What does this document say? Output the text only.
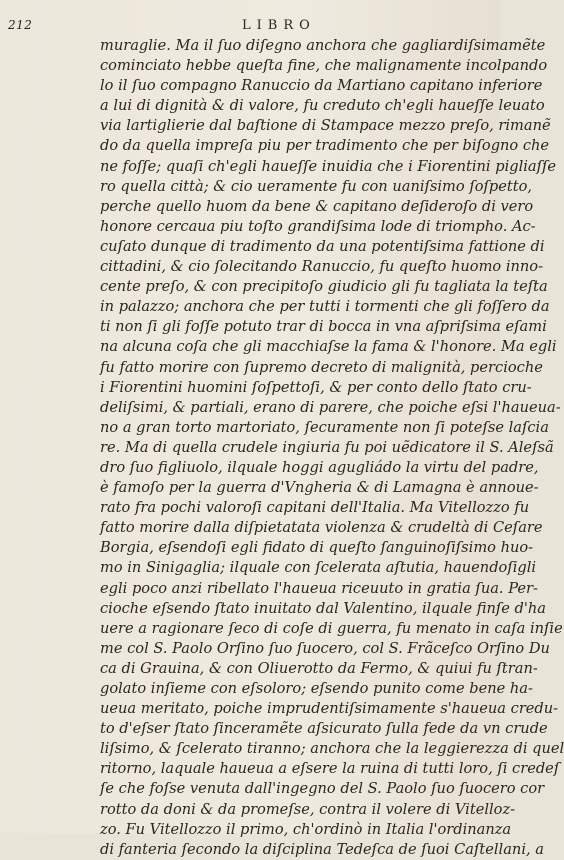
212	LIBRO
muraglie. Ma il ſuo diſegno anchora che gagliardiſsimamẽte
cominciato hebbe queſta fine, che malignamente incolpando
lo il ſuo compagno Ranuccio da Martiano capitano inferiore
a lui di dignità & di valore, fu creduto ch'egli haueſſe leuato
via lartiglierie dal baſtione di Stampace mezzo preſo, rimanẽ
do da quella impreſa piu per tradimento che per biſogno che
ne foſſe; quaſi ch'egli haueſſe inuidia che i Fiorentini pigliaſſe
ro quella città; & cio ueramente fu con uaniſsimo ſoſpetto,
perche quello huom da bene & capitano deſideroſo di vero
honore cercaua piu toſto grandiſsima lode di triompho. Ac-
cuſato dunque di tradimento da una potentiſsima fattione di
cittadini, & cio ſolecitando Ranuccio, fu queſto huomo inno-
cente preſo, & con precipitoſo giudicio gli fu tagliata la teſta
in palazzo; anchora che per tutti i tormenti che gli foſſero da
ti non ſi gli foſſe potuto trar di bocca in vna aſpriſsima eſami
na alcuna coſa che gli macchiaſse la fama & l'honore. Ma egli
fu fatto morire con ſupremo decreto di malignità, percioche
i Fiorentini huomini ſoſpettoſi, & per conto dello ſtato cru-
deliſsimi, & partiali, erano di parere, che poiche eſsi l'haueua-
no a gran torto martoriato, ſecuramente non ſi poteſse laſcia
re. Ma di quella crudele ingiuria fu poi uẽdicatore il S. Aleſsã
dro ſuo figliuolo, ilquale hoggi agugliádo la virtu del padre,
è famoſo per la guerra d'Vngheria & di Lamagna è annoue-
rato fra pochi valoroſi capitani dell'Italia. Ma Vitellozzo fu
fatto morire dalla diſpietatata violenza & crudeltà di Ceſare
Borgia, eſsendoſi egli fidato di queſto ſanguinoſiſsimo huo-
mo in Sinigaglia; ilquale con ſcelerata aſtutia, hauendoſigli
egli poco anzi ribellato l'haueua riceuuto in gratia ſua. Per-
cioche eſsendo ſtato inuitato dal Valentino, ilquale finſe d'ha
uere a ragionare ſeco di coſe di guerra, fu menato in caſa inſie
me col S. Paolo Orſino ſuo ſuocero, col S. Frãceſco Orſino Du
ca di Grauina, & con Oliuerotto da Fermo, & quiui fu ſtran-
golato inſieme con eſsoloro; eſsendo punito come bene ha-
ueua meritato, poiche imprudentiſsimamente s'haueua credu-
to d'eſser ſtato ſinceramẽte aſsicurato ſulla fede da vn crude
liſsimo, & ſcelerato tiranno; anchora che la leggierezza di quel
ritorno, laquale haueua a eſsere la ruina di tutti loro, ſi credeſ
ſe che foſse venuta dall'ingegno del S. Paolo ſuo ſuocero cor
rotto da doni & da promeſse, contra il volere di Vitelloz-
zo. Fu Vitellozzo il primo, ch'ordinò in Italia l'ordinanza
di fanteria ſecondo la diſciplina Tedeſca de ſuoi Caſtellani, a
